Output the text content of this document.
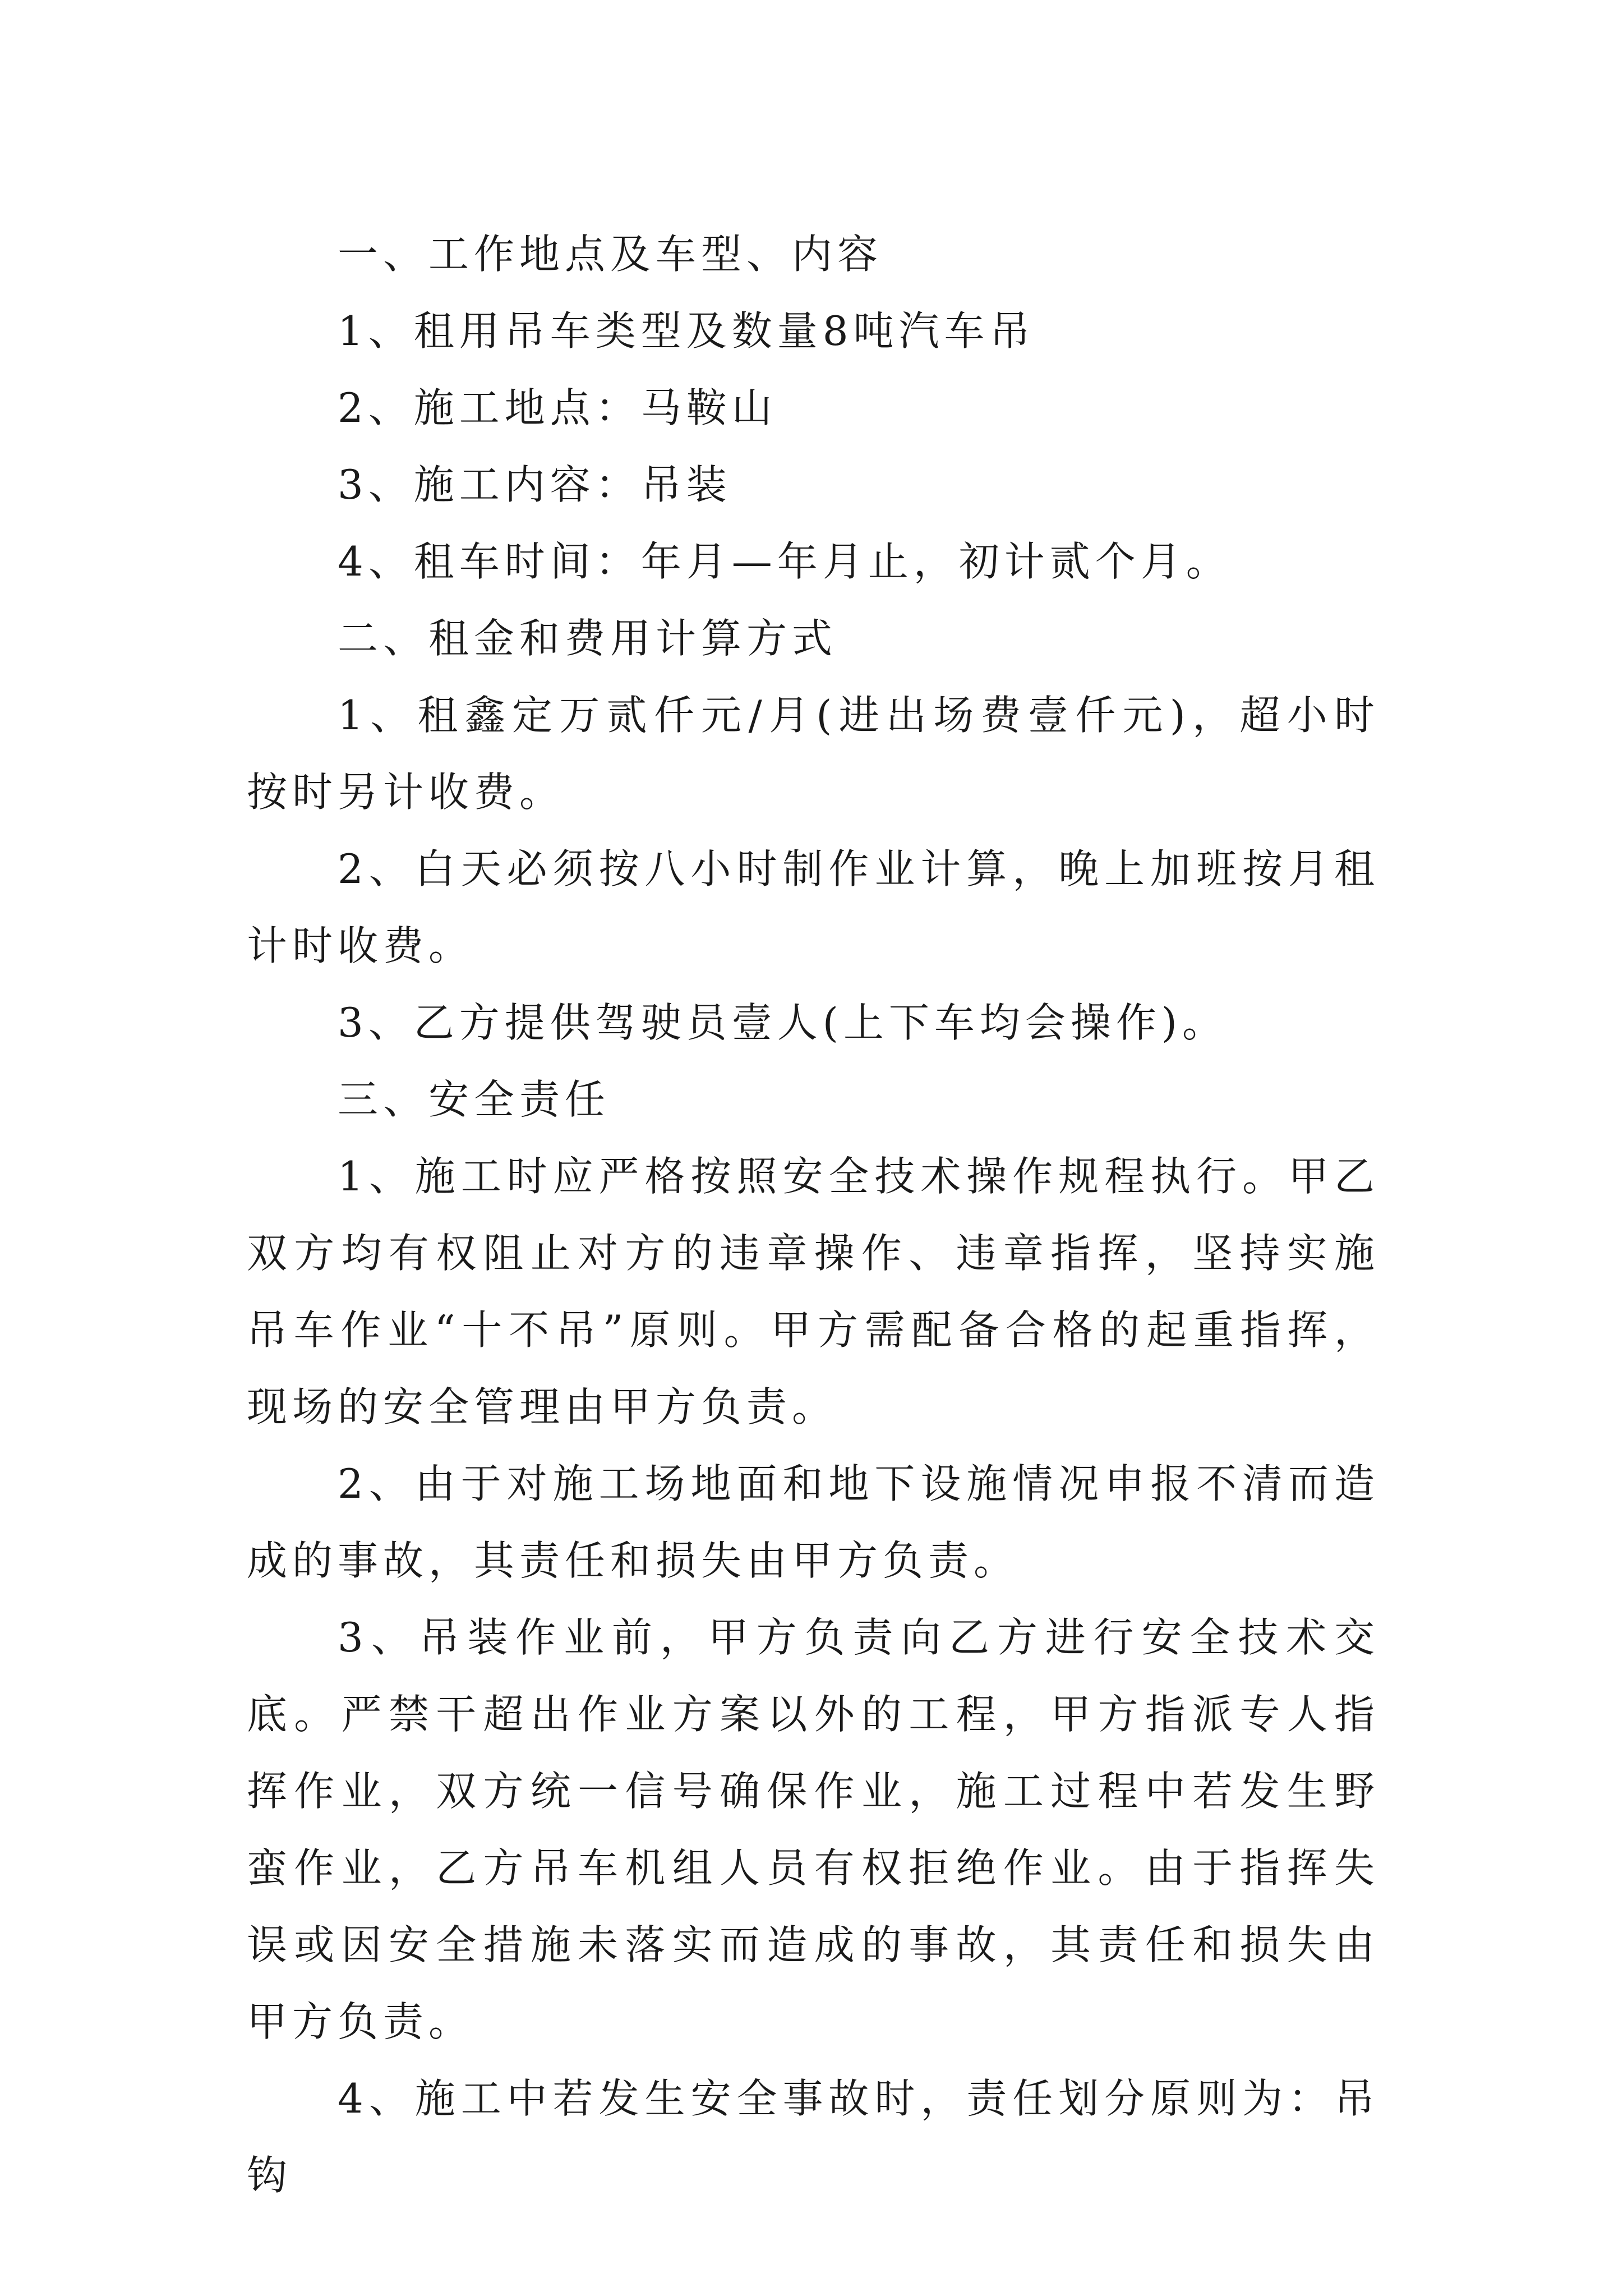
一、工作地点及车型、内容

1、租用吊车类型及数量8吨汽车吊

2、施工地点：马鞍山

3、施工内容：吊装

4、租车时间：年月—年月止，初计贰个月。

二、租金和费用计算方式

1、租鑫定万贰仟元/月(进出场费壹仟元)，超小时按时另计收费。

2、白天必须按八小时制作业计算，晚上加班按月租计时收费。

3、乙方提供驾驶员壹人(上下车均会操作)。

三、安全责任

1、施工时应严格按照安全技术操作规程执行。甲乙双方均有权阻止对方的违章操作、违章指挥，坚持实施吊车作业“十不吊”原则。甲方需配备合格的起重指挥，现场的安全管理由甲方负责。

2、由于对施工场地面和地下设施情况申报不清而造成的事故，其责任和损失由甲方负责。

3、吊装作业前，甲方负责向乙方进行安全技术交底。严禁干超出作业方案以外的工程，甲方指派专人指挥作业，双方统一信号确保作业，施工过程中若发生野蛮作业，乙方吊车机组人员有权拒绝作业。由于指挥失误或因安全措施未落实而造成的事故，其责任和损失由甲方负责。

4、施工中若发生安全事故时，责任划分原则为：吊钩
